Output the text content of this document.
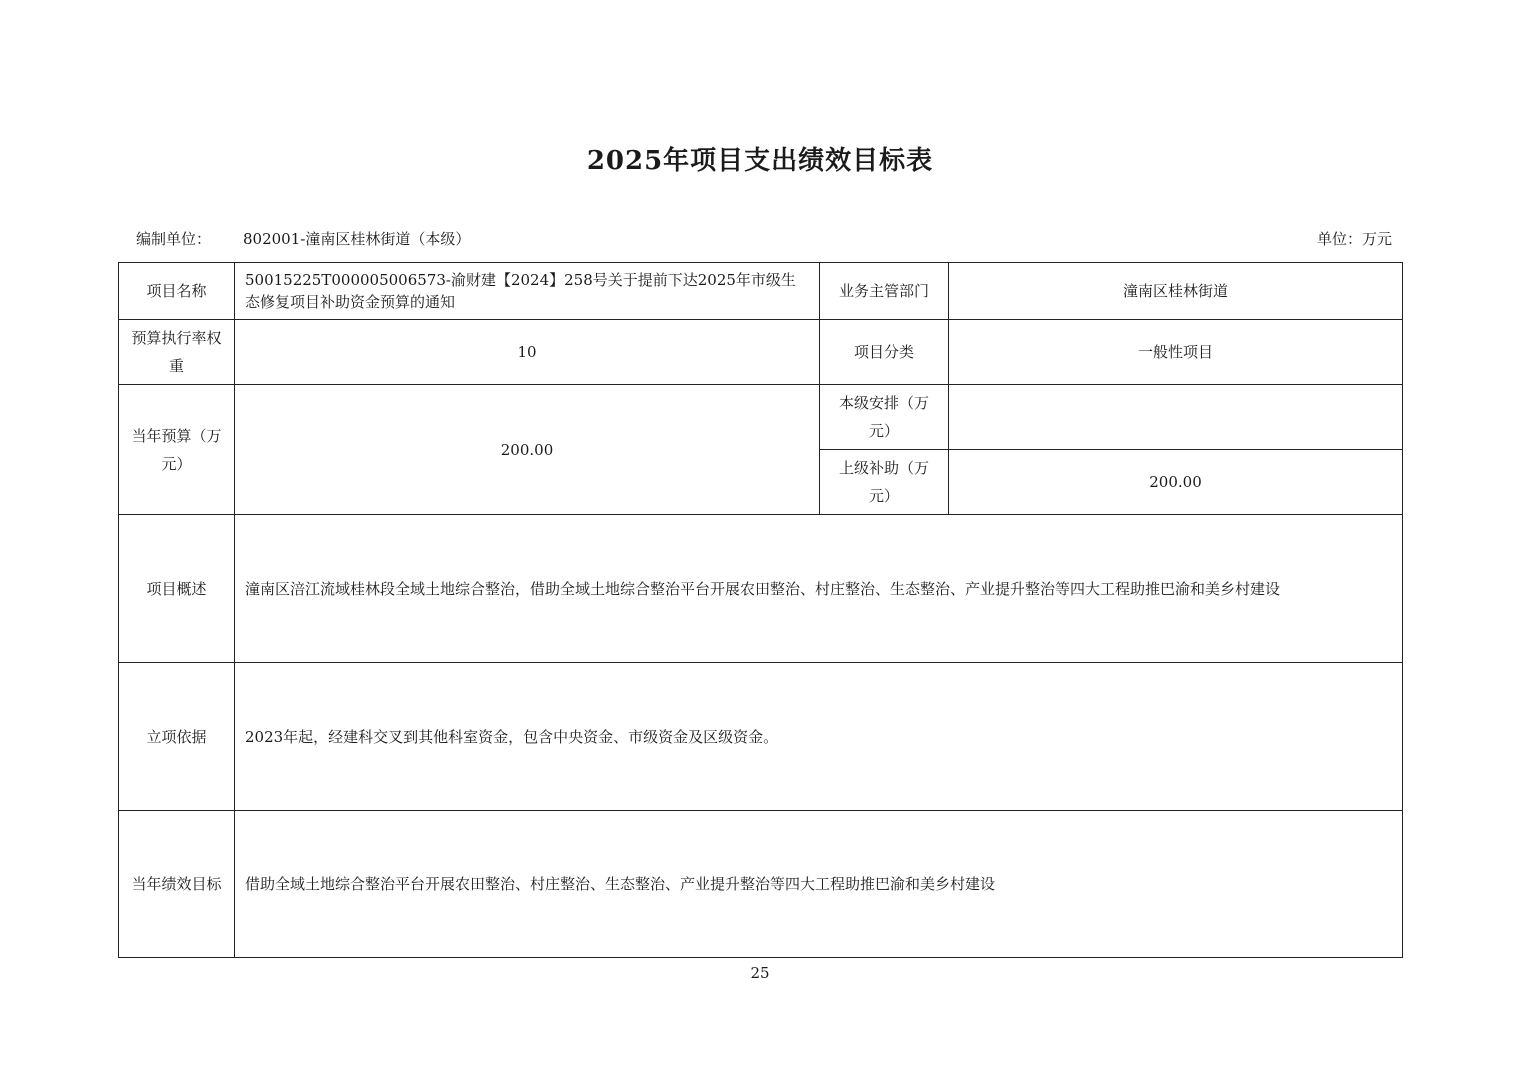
2025年项目支出绩效目标表
编制单位： 802001-潼南区桂林街道（本级）	单位：万元
项目名称	50015225T000005006573-渝财建【2024】258号关于提前下达2025年市级生态修复项目补助资金预算的通知	业务主管部门	潼南区桂林街道
预算执行率权重	10	项目分类	一般性项目
当年预算（万元）	200.00	本级安排（万元）	
		上级补助（万元）	200.00
项目概述	潼南区涪江流域桂林段全域土地综合整治，借助全域土地综合整治平台开展农田整治、村庄整治、生态整治、产业提升整治等四大工程助推巴渝和美乡村建设		
立项依据	2023年起，经建科交叉到其他科室资金，包含中央资金、市级资金及区级资金。		
当年绩效目标	借助全域土地综合整治平台开展农田整治、村庄整治、生态整治、产业提升整治等四大工程助推巴渝和美乡村建设		
25
